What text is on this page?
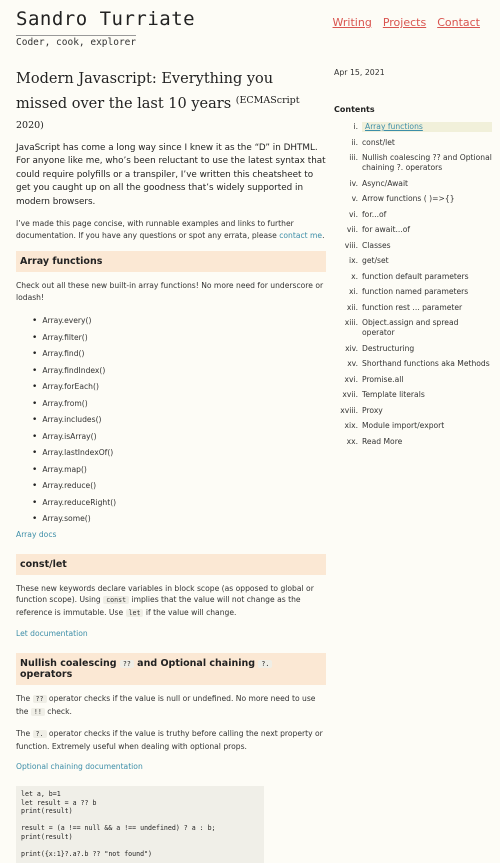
Sandro Turriate
Coder, cook, explorer
Writing Projects Contact
Modern Javascript: Everything you missed over the last 10 years $^{(ECMAScript 2020)}$

JavaScript has come a long way since I knew it as the “D” in DHTML. For anyone like me, who’s been reluctant to use the latest syntax that could require polyfills or a transpiler, I’ve written this cheatsheet to get you caught up on all the goodness that’s widely supported in modern browsers.

I’ve made this page concise, with runnable examples and links to further documentation. If you have any questions or spot any errata, please contact me.

Array functions

Check out all these new built-in array functions! No more need for underscore or lodash!

• Array.every()
• Array.filter()
• Array.find()
• Array.findIndex()
• Array.forEach()
• Array.from()
• Array.includes()
• Array.isArray()
• Array.lastIndexOf()
• Array.map()
• Array.reduce()
• Array.reduceRight()
• Array.some()
Array docs
const/let

These new keywords declare variables in block scope (as opposed to global or function scope). Using const implies that the value will not change as the reference is immutable. Use let if the value will change.

Let documentation
Nullish coalescing ?? and Optional chaining ?. operators

The ?? operator checks if the value is null or undefined. No more need to use the !! check.

The ?. operator checks if the value is truthy before calling the next property or function. Extremely useful when dealing with optional props.

Optional chaining documentation
let a, b=1
let result = a ?? b
print(result)

result = (a !== null && a !== undefined) ? a : b;
print(result)

print({x:1}?.a?.b ?? "not found")
Apr 15, 2021
Contents
i. Array functions
ii. const/let
iii. Nullish coalescing ?? and Optional chaining ?. operators
iv. Async/Await
v. Arrow functions ( )=>{}
vi. for...of
vii. for await...of
viii. Classes
ix. get/set
x. function default parameters
xi. function named parameters
xii. function rest ... parameter
xiii. Object.assign and spread operator
xiv. Destructuring
xv. Shorthand functions aka Methods
xvi. Promise.all
xvii. Template literals
xviii. Proxy
xix. Module import/export
xx. Read More
